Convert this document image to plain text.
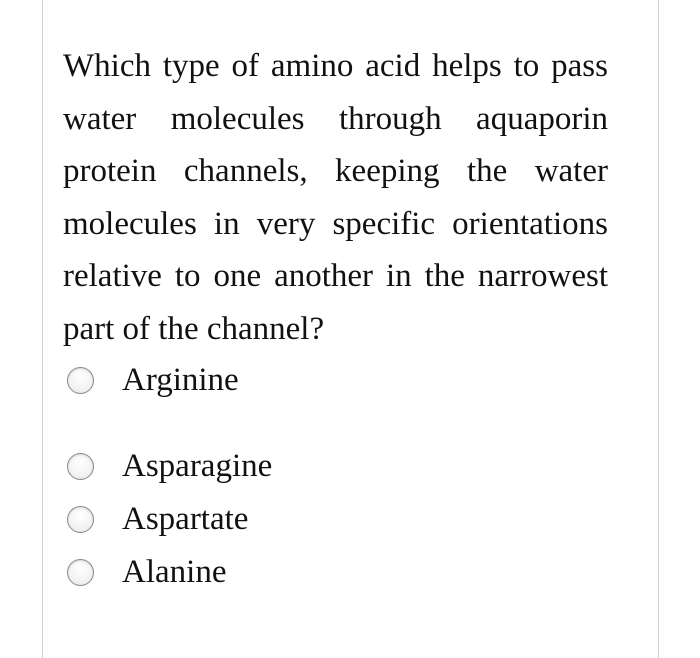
Which type of amino acid helps to pass water molecules through aquaporin protein channels, keeping the water molecules in very specific orientations relative to one another in the narrowest part of the channel?

Arginine
Asparagine
Aspartate
Alanine
